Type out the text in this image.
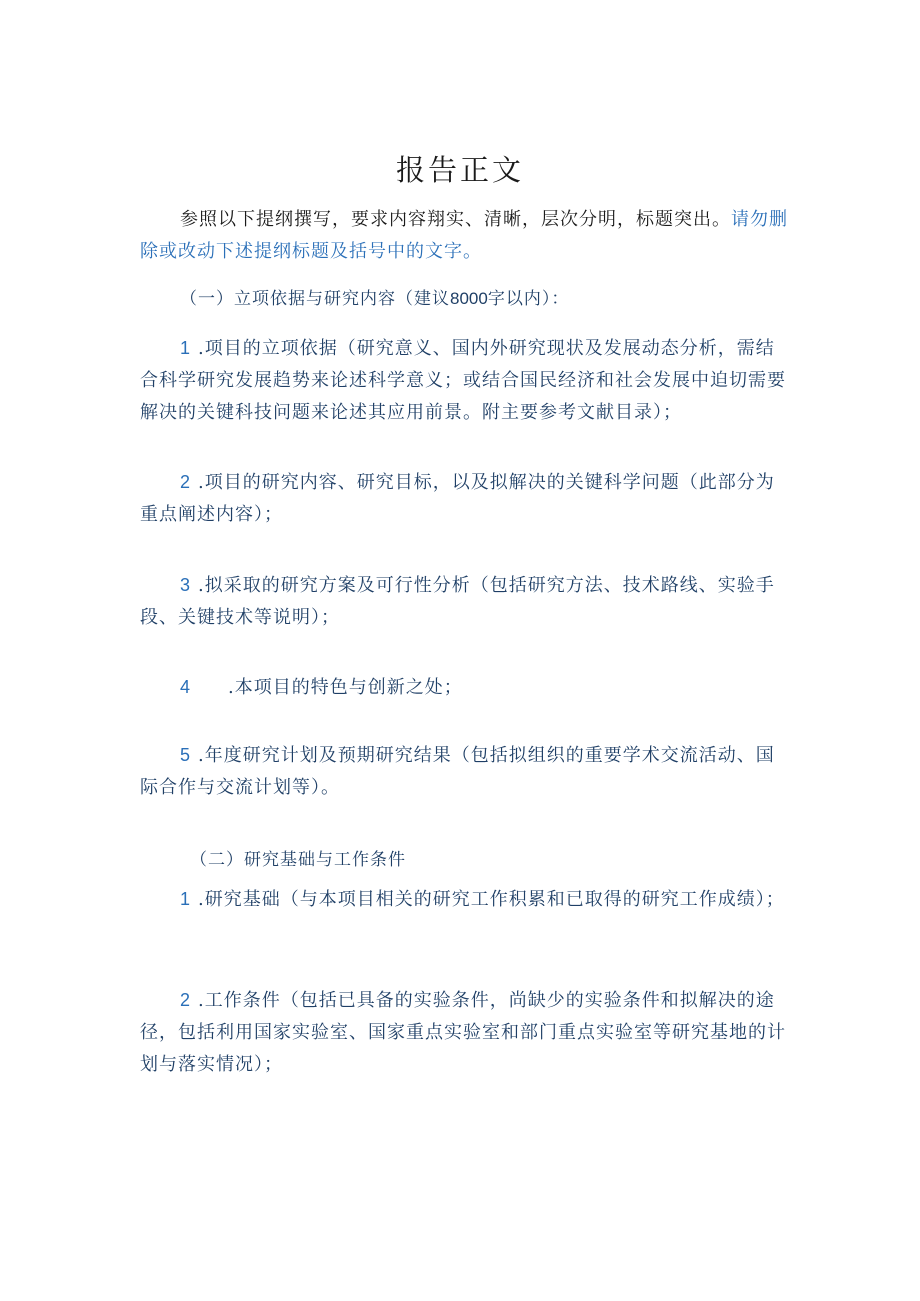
报告正文

参照以下提纲撰写，要求内容翔实、清晰，层次分明，标题突出。请勿删除或改动下述提纲标题及括号中的文字。

（一）立项依据与研究内容（建议8000字以内）：

1 .项目的立项依据（研究意义、国内外研究现状及发展动态分析，需结合科学研究发展趋势来论述科学意义；或结合国民经济和社会发展中迫切需要解决的关键科技问题来论述其应用前景。附主要参考文献目录）；

2 .项目的研究内容、研究目标，以及拟解决的关键科学问题（此部分为重点阐述内容）；

3 .拟采取的研究方案及可行性分析（包括研究方法、技术路线、实验手段、关键技术等说明）；

4 .本项目的特色与创新之处；

5 .年度研究计划及预期研究结果（包括拟组织的重要学术交流活动、国际合作与交流计划等）。

（二）研究基础与工作条件

1 .研究基础（与本项目相关的研究工作积累和已取得的研究工作成绩）；

2 .工作条件（包括已具备的实验条件，尚缺少的实验条件和拟解决的途径，包括利用国家实验室、国家重点实验室和部门重点实验室等研究基地的计划与落实情况）；
